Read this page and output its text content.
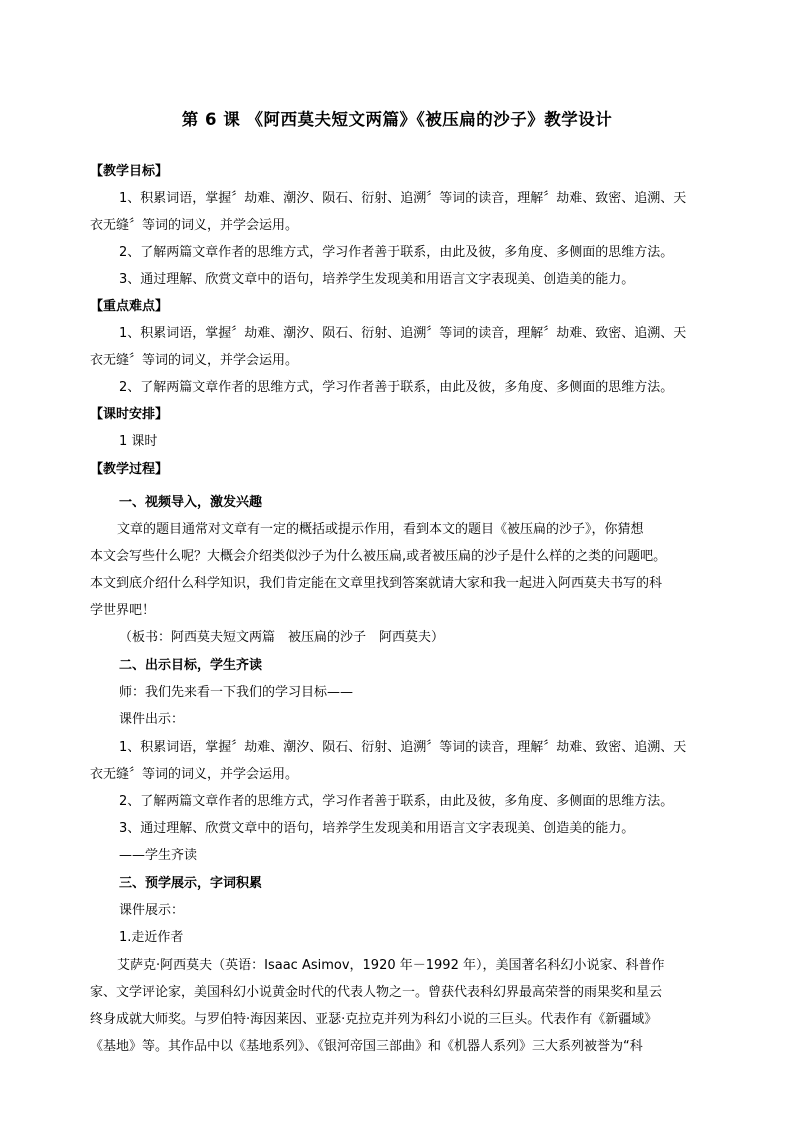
第 6 课 《阿西莫夫短文两篇》《被压扁的沙子》教学设计
【教学目标】
1、积累词语，掌握〞劫难、潮汐、陨石、衍射、追溯〞等词的读音，理解〞劫难、致密、追溯、天
衣无缝〞等词的词义，并学会运用。
2、了解两篇文章作者的思维方式，学习作者善于联系，由此及彼，多角度、多侧面的思维方法。
3、通过理解、欣赏文章中的语句，培养学生发现美和用语言文字表现美、创造美的能力。
【重点难点】
1、积累词语，掌握〞劫难、潮汐、陨石、衍射、追溯〞等词的读音，理解〞劫难、致密、追溯、天
衣无缝〞等词的词义，并学会运用。
2、了解两篇文章作者的思维方式，学习作者善于联系，由此及彼，多角度、多侧面的思维方法。
【课时安排】
1 课时
【教学过程】
一、视频导入，激发兴趣
文章的题目通常对文章有一定的概括或提示作用，看到本文的题目《被压扁的沙子》，你猜想
本文会写些什么呢？大概会介绍类似沙子为什么被压扁,或者被压扁的沙子是什么样的之类的问题吧。
本文到底介绍什么科学知识，我们肯定能在文章里找到答案就请大家和我一起进入阿西莫夫书写的科
学世界吧！
（板书：阿西莫夫短文两篇　被压扁的沙子　阿西莫夫）
二、出示目标，学生齐读
师：我们先来看一下我们的学习目标——
课件出示：
1、积累词语，掌握〞劫难、潮汐、陨石、衍射、追溯〞等词的读音，理解〞劫难、致密、追溯、天
衣无缝〞等词的词义，并学会运用。
2、了解两篇文章作者的思维方式，学习作者善于联系，由此及彼，多角度、多侧面的思维方法。
3、通过理解、欣赏文章中的语句，培养学生发现美和用语言文字表现美、创造美的能力。
——学生齐读
三、预学展示，字词积累
课件展示：
1.走近作者
艾萨克·阿西莫夫（英语：Isaac Asimov，1920 年－1992 年），美国著名科幻小说家、科普作
家、文学评论家，美国科幻小说黄金时代的代表人物之一。曾获代表科幻界最高荣誉的雨果奖和星云
终身成就大师奖。与罗伯特·海因莱因、亚瑟·克拉克并列为科幻小说的三巨头。代表作有《新疆域》
《基地》等。其作品中以《基地系列》、《银河帝国三部曲》和《机器人系列》三大系列被誉为“科
